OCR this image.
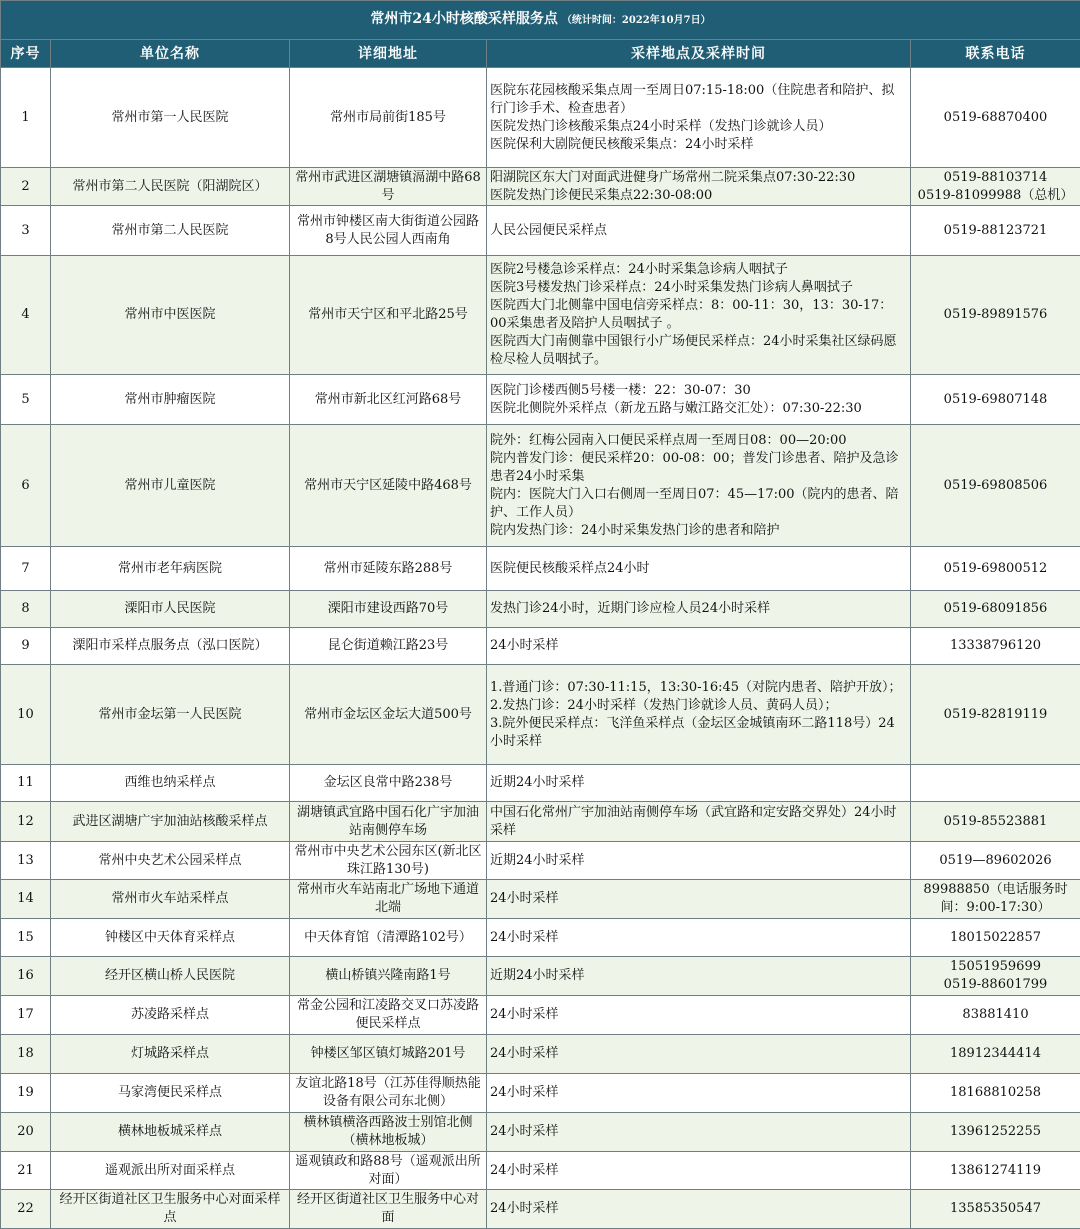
常州市24小时核酸采样服务点 （统计时间：2022年10月7日）				
序号	单位名称	详细地址	采样地点及采样时间	联系电话
1	常州市第一人民医院	常州市局前街185号	医院东花园核酸采集点周一至周日07:15-18:00（住院患者和陪护、拟行门诊手术、检查患者）
医院发热门诊核酸采集点24小时采样（发热门诊就诊人员）
医院保利大剧院便民核酸采集点：24小时采样	0519-68870400

2	常州市第二人民医院（阳湖院区）	常州市武进区湖塘镇滆湖中路68号	阳湖院区东大门对面武进健身广场常州二院采集点07:30-22:30
医院发热门诊便民采集点22:30-08:00	0519-88103714
0519-81099988（总机）

3	常州市第二人民医院	常州市钟楼区南大街街道公园路8号人民公园人西南角	人民公园便民采样点	0519-88123721

4	常州市中医医院	常州市天宁区和平北路25号	医院2号楼急诊采样点：24小时采集急诊病人咽拭子
医院3号楼发热门诊采样点：24小时采集发热门诊病人鼻咽拭子
医院西大门北侧靠中国电信旁采样点：8：00-11：30，13：30-17：00采集患者及陪护人员咽拭子 。
医院西大门南侧靠中国银行小广场便民采样点：24小时采集社区绿码愿检尽检人员咽拭子。	0519-89891576

5	常州市肿瘤医院	常州市新北区红河路68号	医院门诊楼西侧5号楼一楼：22：30-07：30
医院北侧院外采样点（新龙五路与嫩江路交汇处）：07:30-22:30	0519-69807148

6	常州市儿童医院	常州市天宁区延陵中路468号	院外：红梅公园南入口便民采样点周一至周日08：00—20:00
院内普发门诊：便民采样20：00-08：00；普发门诊患者、陪护及急诊患者24小时采集
院内：医院大门入口右侧周一至周日07：45—17:00（院内的患者、陪护、工作人员）
院内发热门诊：24小时采集发热门诊的患者和陪护	0519-69808506

7	常州市老年病医院	常州市延陵东路288号	医院便民核酸采样点24小时	0519-69800512

8	溧阳市人民医院	溧阳市建设西路70号	发热门诊24小时，近期门诊应检人员24小时采样	0519-68091856

9	溧阳市采样点服务点（泓口医院）	昆仑街道赖江路23号	24小时采样	13338796120

10	常州市金坛第一人民医院	常州市金坛区金坛大道500号	1.普通门诊：07:30-11:15，13:30-16:45（对院内患者、陪护开放）；
2.发热门诊：24小时采样（发热门诊就诊人员、黄码人员）；
3.院外便民采样点：飞洋鱼采样点（金坛区金城镇南环二路118号）24小时采样	0519-82819119

11	西维也纳采样点	金坛区良常中路238号	近期24小时采样	

12	武进区湖塘广宇加油站核酸采样点	湖塘镇武宜路中国石化广宇加油站南侧停车场	中国石化常州广宇加油站南侧停车场（武宜路和定安路交界处）24小时采样	0519-85523881

13	常州中央艺术公园采样点	常州市中央艺术公园东区(新北区珠江路130号)	近期24小时采样	0519—89602026

14	常州市火车站采样点	常州市火车站南北广场地下通道北端	24小时采样	89988850（电话服务时间：9:00-17:30）

15	钟楼区中天体育采样点	中天体育馆（清潭路102号）	24小时采样	18015022857

16	经开区横山桥人民医院	横山桥镇兴隆南路1号	近期24小时采样	15051959699
0519-88601799

17	苏凌路采样点	常金公园和江凌路交叉口苏凌路便民采样点	24小时采样	83881410

18	灯城路采样点	钟楼区邹区镇灯城路201号	24小时采样	18912344414

19	马家湾便民采样点	友谊北路18号（江苏佳得顺热能设备有限公司东北侧）	24小时采样	18168810258

20	横林地板城采样点	横林镇横洛西路波士别馆北侧（横林地板城）	24小时采样	13961252255

21	遥观派出所对面采样点	遥观镇政和路88号（遥观派出所对面）	24小时采样	13861274119

22	经开区街道社区卫生服务中心对面采样点	经开区街道社区卫生服务中心对面	24小时采样	13585350547
